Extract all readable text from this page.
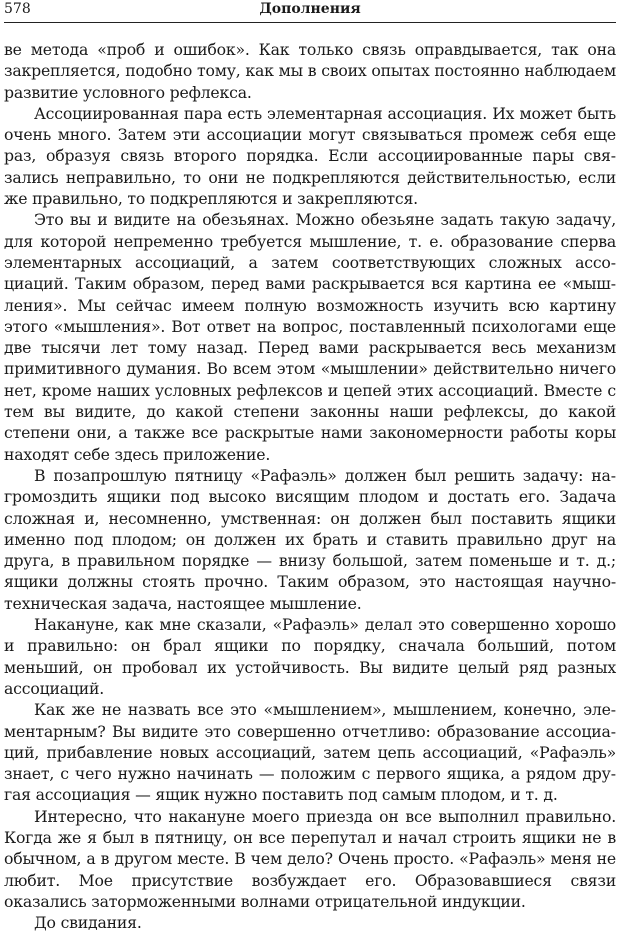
578	Дополнения

ве метода «проб и ошибок». Как только связь оправдывается, так она закрепляется, подобно тому, как мы в своих опытах постоянно наблюдаем развитие условного рефлекса.

Ассоциированная пара есть элементарная ассоциация. Их может быть очень много. Затем эти ассоциации могут связываться промеж себя еще раз, образуя связь второго порядка. Если ассоциированные пары связались неправильно, то они не подкрепляются действительностью, если же правильно, то подкрепляются и закрепляются.

Это вы и видите на обезьянах. Можно обезьяне задать такую задачу, для которой непременно требуется мышление, т. е. образование сперва элементарных ассоциаций, а затем соответствующих сложных ассоциаций. Таким образом, перед вами раскрывается вся картина ее «мышления». Мы сейчас имеем полную возможность изучить всю картину этого «мышления». Вот ответ на вопрос, поставленный психологами еще две тысячи лет тому назад. Перед вами раскрывается весь механизм примитивного думания. Во всем этом «мышлении» действительно ничего нет, кроме наших условных рефлексов и цепей этих ассоциаций. Вместе с тем вы видите, до какой степени законны наши рефлексы, до какой степени они, а также все раскрытые нами закономерности работы коры находят себе здесь приложение.

В позапрошлую пятницу «Рафаэль» должен был решить задачу: нагромоздить ящики под высоко висящим плодом и достать его. Задача сложная и, несомненно, умственная: он должен был поставить ящики именно под плодом; он должен их брать и ставить правильно друг на друга, в правильном порядке — внизу большой, затем поменьше и т. д.; ящики должны стоять прочно. Таким образом, это настоящая научно-техническая задача, настоящее мышление.

Накануне, как мне сказали, «Рафаэль» делал это совершенно хорошо и правильно: он брал ящики по порядку, сначала больший, потом меньший, он пробовал их устойчивость. Вы видите целый ряд разных ассоциаций.

Как же не назвать все это «мышлением», мышлением, конечно, элементарным? Вы видите это совершенно отчетливо: образование ассоциаций, прибавление новых ассоциаций, затем цепь ассоциаций, «Рафаэль» знает, с чего нужно начинать — положим с первого ящика, а рядом другая ассоциация — ящик нужно поставить под самым плодом, и т. д.

Интересно, что накануне моего приезда он все выполнил правильно. Когда же я был в пятницу, он все перепутал и начал строить ящики не в обычном, а в другом месте. В чем дело? Очень просто. «Рафаэль» меня не любит. Мое присутствие возбуждает его. Образовавшиеся связи оказались заторможенными волнами отрицательной индукции.

До свидания.
